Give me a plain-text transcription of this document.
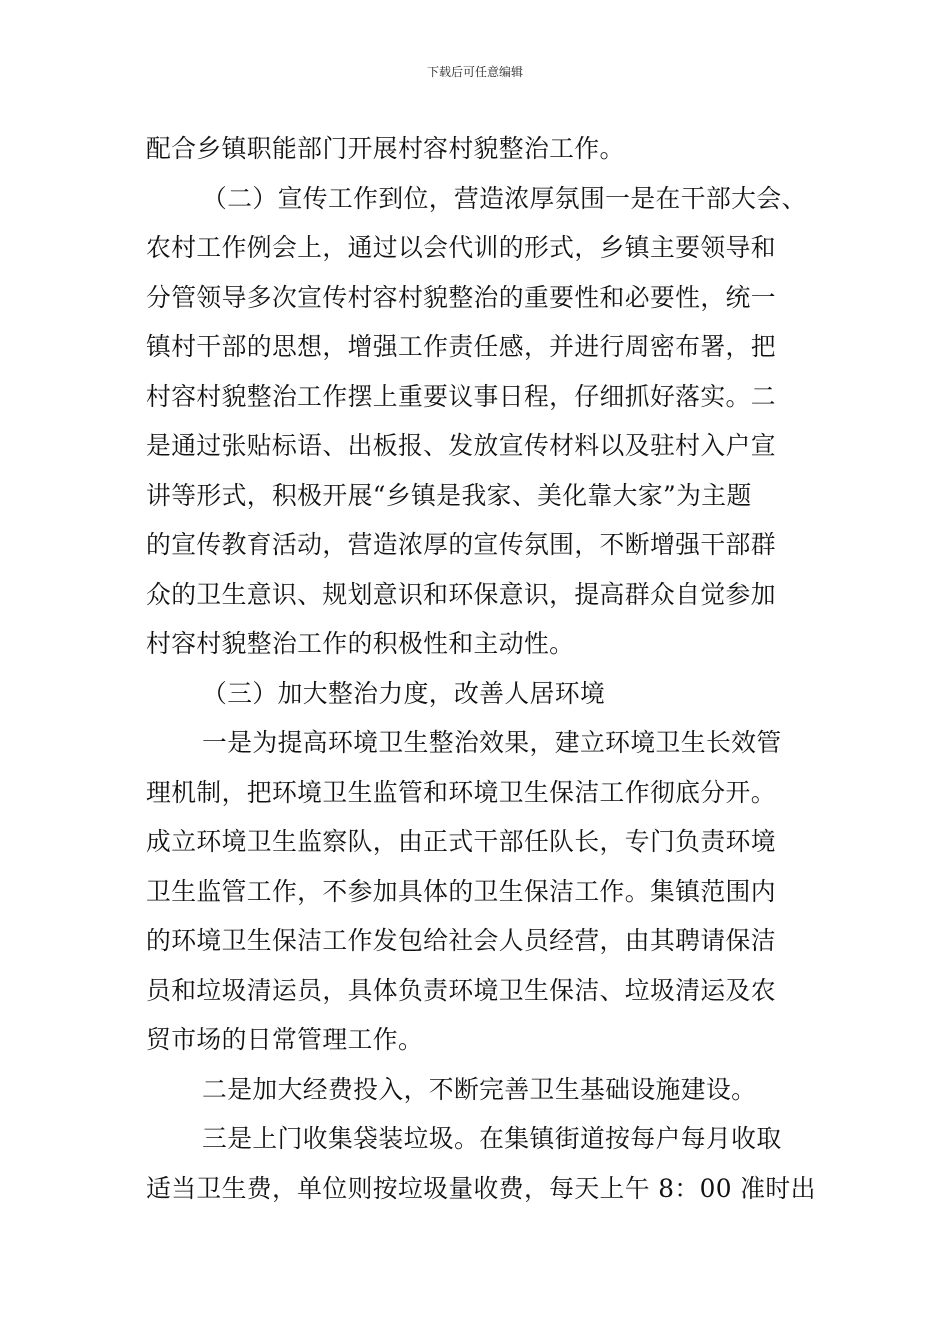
下载后可任意编辑
配合乡镇职能部门开展村容村貌整治工作。
（二）宣传工作到位，营造浓厚氛围一是在干部大会、
农村工作例会上，通过以会代训的形式，乡镇主要领导和
分管领导多次宣传村容村貌整治的重要性和必要性，统一
镇村干部的思想，增强工作责任感，并进行周密布署，把
村容村貌整治工作摆上重要议事日程，仔细抓好落实。二
是通过张贴标语、出板报、发放宣传材料以及驻村入户宣
讲等形式，积极开展“乡镇是我家、美化靠大家”为主题
的宣传教育活动，营造浓厚的宣传氛围，不断增强干部群
众的卫生意识、规划意识和环保意识，提高群众自觉参加
村容村貌整治工作的积极性和主动性。
（三）加大整治力度，改善人居环境
一是为提高环境卫生整治效果，建立环境卫生长效管
理机制，把环境卫生监管和环境卫生保洁工作彻底分开。
成立环境卫生监察队，由正式干部任队长，专门负责环境
卫生监管工作，不参加具体的卫生保洁工作。集镇范围内
的环境卫生保洁工作发包给社会人员经营，由其聘请保洁
员和垃圾清运员，具体负责环境卫生保洁、垃圾清运及农
贸市场的日常管理工作。
二是加大经费投入，不断完善卫生基础设施建设。
三是上门收集袋装垃圾。在集镇街道按每户每月收取
适当卫生费，单位则按垃圾量收费，每天上午 8：00 准时出
